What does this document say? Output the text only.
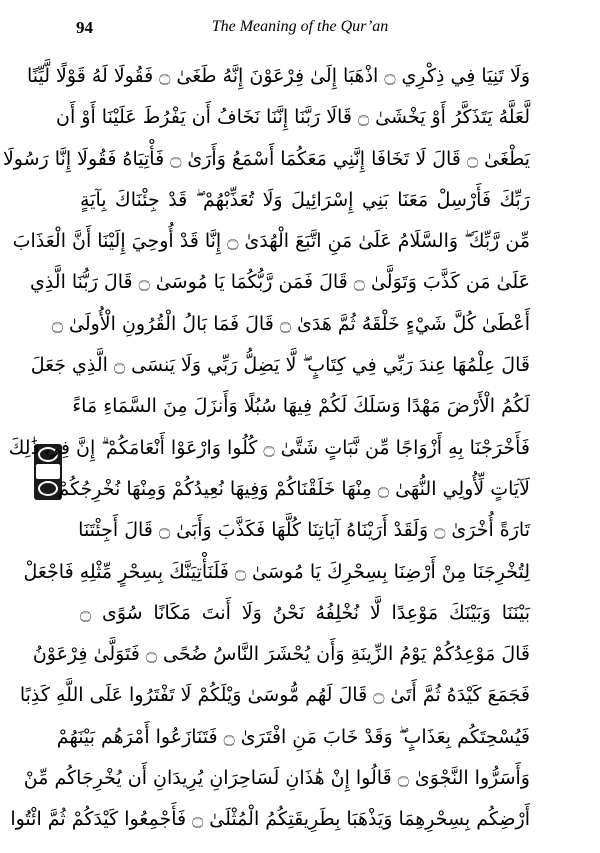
94	The Meaning of the Qur’an
وَلَا تَنِيَا فِي ذِكْرِي ۝ اذْهَبَا إِلَىٰ فِرْعَوْنَ إِنَّهُ طَغَىٰ ۝ فَقُولَا لَهُ قَوْلًا لَّيِّنًا
لَّعَلَّهُ يَتَذَكَّرُ أَوْ يَخْشَىٰ ۝ قَالَا رَبَّنَا إِنَّنَا نَخَافُ أَن يَفْرُطَ عَلَيْنَا أَوْ أَن
يَطْغَىٰ ۝ قَالَ لَا تَخَافَا إِنَّنِي مَعَكُمَا أَسْمَعُ وَأَرَىٰ ۝ فَأْتِيَاهُ فَقُولَا إِنَّا رَسُولَا
رَبِّكَ فَأَرْسِلْ مَعَنَا بَنِي إِسْرَائِيلَ وَلَا تُعَذِّبْهُمْ ۖ قَدْ جِئْنَاكَ بِآيَةٍ
مِّن رَّبِّكَ ۖ وَالسَّلَامُ عَلَىٰ مَنِ اتَّبَعَ الْهُدَىٰ ۝ إِنَّا قَدْ أُوحِيَ إِلَيْنَا أَنَّ الْعَذَابَ
عَلَىٰ مَن كَذَّبَ وَتَوَلَّىٰ ۝ قَالَ فَمَن رَّبُّكُمَا يَا مُوسَىٰ ۝ قَالَ رَبُّنَا الَّذِي
أَعْطَىٰ كُلَّ شَيْءٍ خَلْقَهُ ثُمَّ هَدَىٰ ۝ قَالَ فَمَا بَالُ الْقُرُونِ الْأُولَىٰ ۝
قَالَ عِلْمُهَا عِندَ رَبِّي فِي كِتَابٍ ۖ لَّا يَضِلُّ رَبِّي وَلَا يَنسَى ۝ الَّذِي جَعَلَ
لَكُمُ الْأَرْضَ مَهْدًا وَسَلَكَ لَكُمْ فِيهَا سُبُلًا وَأَنزَلَ مِنَ السَّمَاءِ مَاءً
فَأَخْرَجْنَا بِهِ أَزْوَاجًا مِّن نَّبَاتٍ شَتَّىٰ ۝ كُلُوا وَارْعَوْا أَنْعَامَكُمْ ۗ إِنَّ فِي ذَٰلِكَ
لَآيَاتٍ لِّأُولِي النُّهَىٰ ۝ مِنْهَا خَلَقْنَاكُمْ وَفِيهَا نُعِيدُكُمْ وَمِنْهَا نُخْرِجُكُمْ
تَارَةً أُخْرَىٰ ۝ وَلَقَدْ أَرَيْنَاهُ آيَاتِنَا كُلَّهَا فَكَذَّبَ وَأَبَىٰ ۝ قَالَ أَجِئْتَنَا
لِتُخْرِجَنَا مِنْ أَرْضِنَا بِسِحْرِكَ يَا مُوسَىٰ ۝ فَلَنَأْتِيَنَّكَ بِسِحْرٍ مِّثْلِهِ فَاجْعَلْ
بَيْنَنَا وَبَيْنَكَ مَوْعِدًا لَّا نُخْلِفُهُ نَحْنُ وَلَا أَنتَ مَكَانًا سُوًى ۝
قَالَ مَوْعِدُكُمْ يَوْمُ الزِّينَةِ وَأَن يُحْشَرَ النَّاسُ ضُحًى ۝ فَتَوَلَّىٰ فِرْعَوْنُ
فَجَمَعَ كَيْدَهُ ثُمَّ أَتَىٰ ۝ قَالَ لَهُم مُّوسَىٰ وَيْلَكُمْ لَا تَفْتَرُوا عَلَى اللَّهِ كَذِبًا
فَيُسْحِتَكُم بِعَذَابٍ ۖ وَقَدْ خَابَ مَنِ افْتَرَىٰ ۝ فَتَنَازَعُوا أَمْرَهُم بَيْنَهُمْ
وَأَسَرُّوا النَّجْوَىٰ ۝ قَالُوا إِنْ هَٰذَانِ لَسَاحِرَانِ يُرِيدَانِ أَن يُخْرِجَاكُم مِّنْ
أَرْضِكُم بِسِحْرِهِمَا وَيَذْهَبَا بِطَرِيقَتِكُمُ الْمُثْلَىٰ ۝ فَأَجْمِعُوا كَيْدَكُمْ ثُمَّ ائْتُوا
